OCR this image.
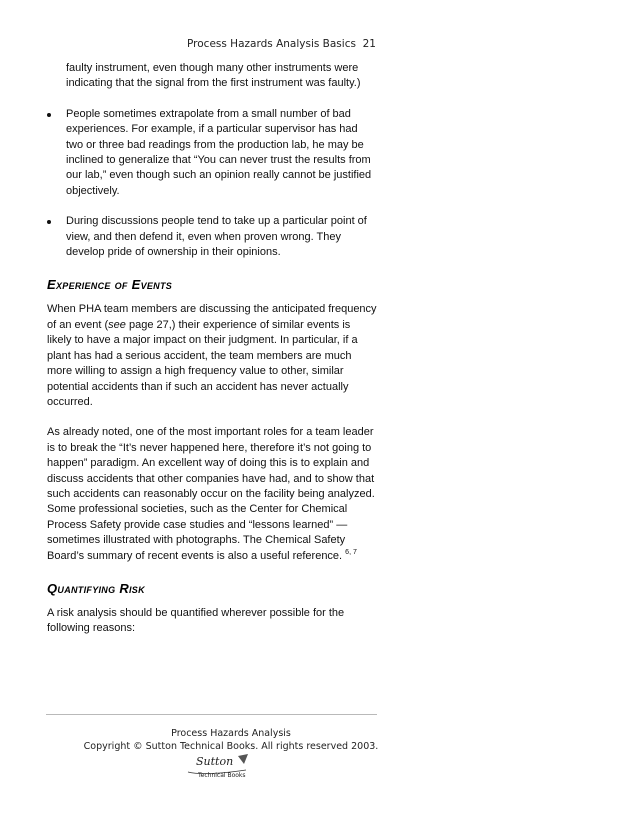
Process Hazards Analysis Basics 21
faulty instrument, even though many other instruments were indicating that the signal from the first instrument was faulty.)
People sometimes extrapolate from a small number of bad experiences. For example, if a particular supervisor has had two or three bad readings from the production lab, he may be inclined to generalize that “You can never trust the results from our lab,” even though such an opinion really cannot be justified objectively.
During discussions people tend to take up a particular point of view, and then defend it, even when proven wrong. They develop pride of ownership in their opinions.
Experience of Events

When PHA team members are discussing the anticipated frequency of an event (see page 27,) their experience of similar events is likely to have a major impact on their judgment. In particular, if a plant has had a serious accident, the team members are much more willing to assign a high frequency value to other, similar potential accidents than if such an accident has never actually occurred.

As already noted, one of the most important roles for a team leader is to break the “It’s never happened here, therefore it’s not going to happen” paradigm. An excellent way of doing this is to explain and discuss accidents that other companies have had, and to show that such accidents can reasonably occur on the facility being analyzed. Some professional societies, such as the Center for Chemical Process Safety provide case studies and “lessons learned” — sometimes illustrated with photographs. The Chemical Safety Board’s summary of recent events is also a useful reference. $^{6, 7}$

Quantifying Risk

A risk analysis should be quantified wherever possible for the following reasons:

Process Hazards Analysis
Copyright © Sutton Technical Books. All rights reserved 2003.
Sutton
Technical Books
